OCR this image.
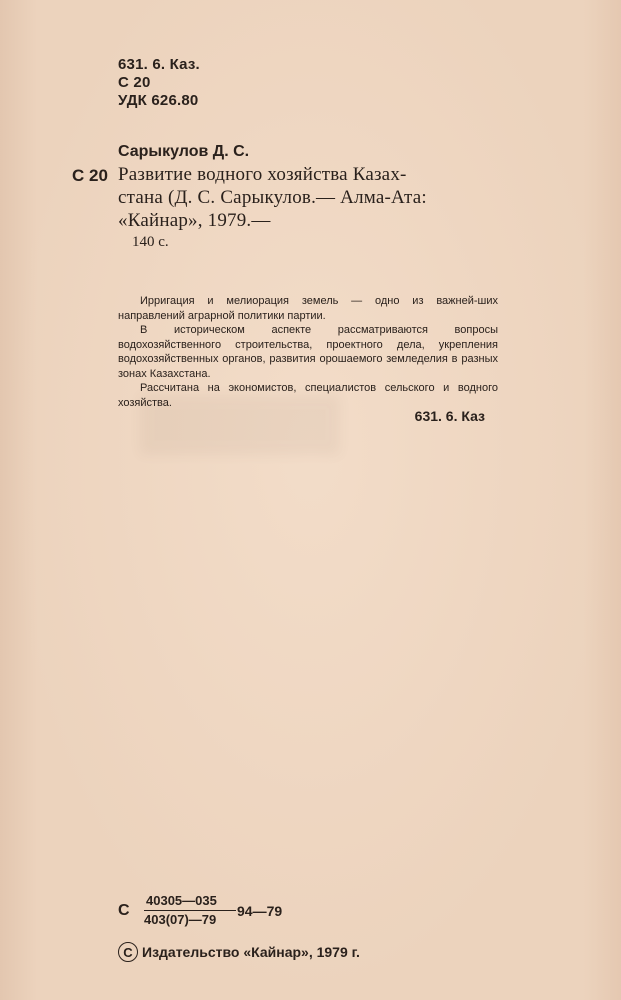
631. 6. Каз.
С 20
УДК 626.80
Сарыкулов Д. С.
С 20 Развитие водного хозяйства Казах-
стана (Д. С. Сарыкулов.— Алма-Ата:
«Кайнар», 1979.—
140 с.

Ирригация и мелиорация земель — одно из важней-ших направлений аграрной политики партии.

В историческом аспекте рассматриваются вопросы водохозяйственного строительства, проектного дела, укрепления водохозяйственных органов, развития орошаемого земледелия в разных зонах Казахстана.

Рассчитана на экономистов, специалистов сельского и водного хозяйства.

631. 6. Каз
С
40305—035
403(07)—79
94—79
С Издательство «Кайнар», 1979 г.
